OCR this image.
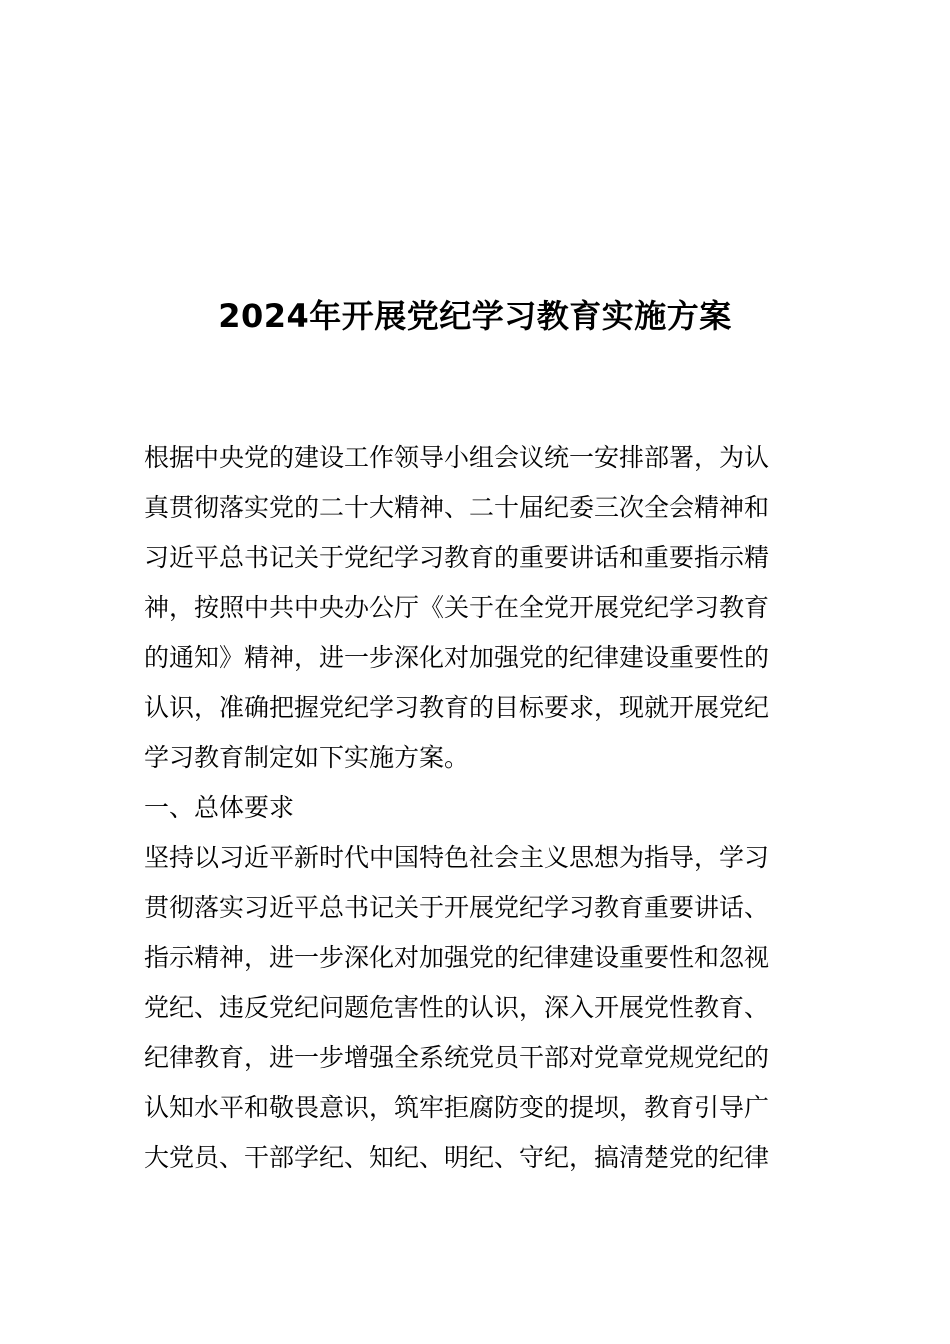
2024年开展党纪学习教育实施方案
根据中央党的建设工作领导小组会议统一安排部署，为认
真贯彻落实党的二十大精神、二十届纪委三次全会精神和
习近平总书记关于党纪学习教育的重要讲话和重要指示精
神，按照中共中央办公厅《关于在全党开展党纪学习教育
的通知》精神，进一步深化对加强党的纪律建设重要性的
认识，准确把握党纪学习教育的目标要求，现就开展党纪
学习教育制定如下实施方案。
一、总体要求
坚持以习近平新时代中国特色社会主义思想为指导，学习
贯彻落实习近平总书记关于开展党纪学习教育重要讲话、
指示精神，进一步深化对加强党的纪律建设重要性和忽视
党纪、违反党纪问题危害性的认识，深入开展党性教育、
纪律教育，进一步增强全系统党员干部对党章党规党纪的
认知水平和敬畏意识，筑牢拒腐防变的提坝，教育引导广
大党员、干部学纪、知纪、明纪、守纪，搞清楚党的纪律
